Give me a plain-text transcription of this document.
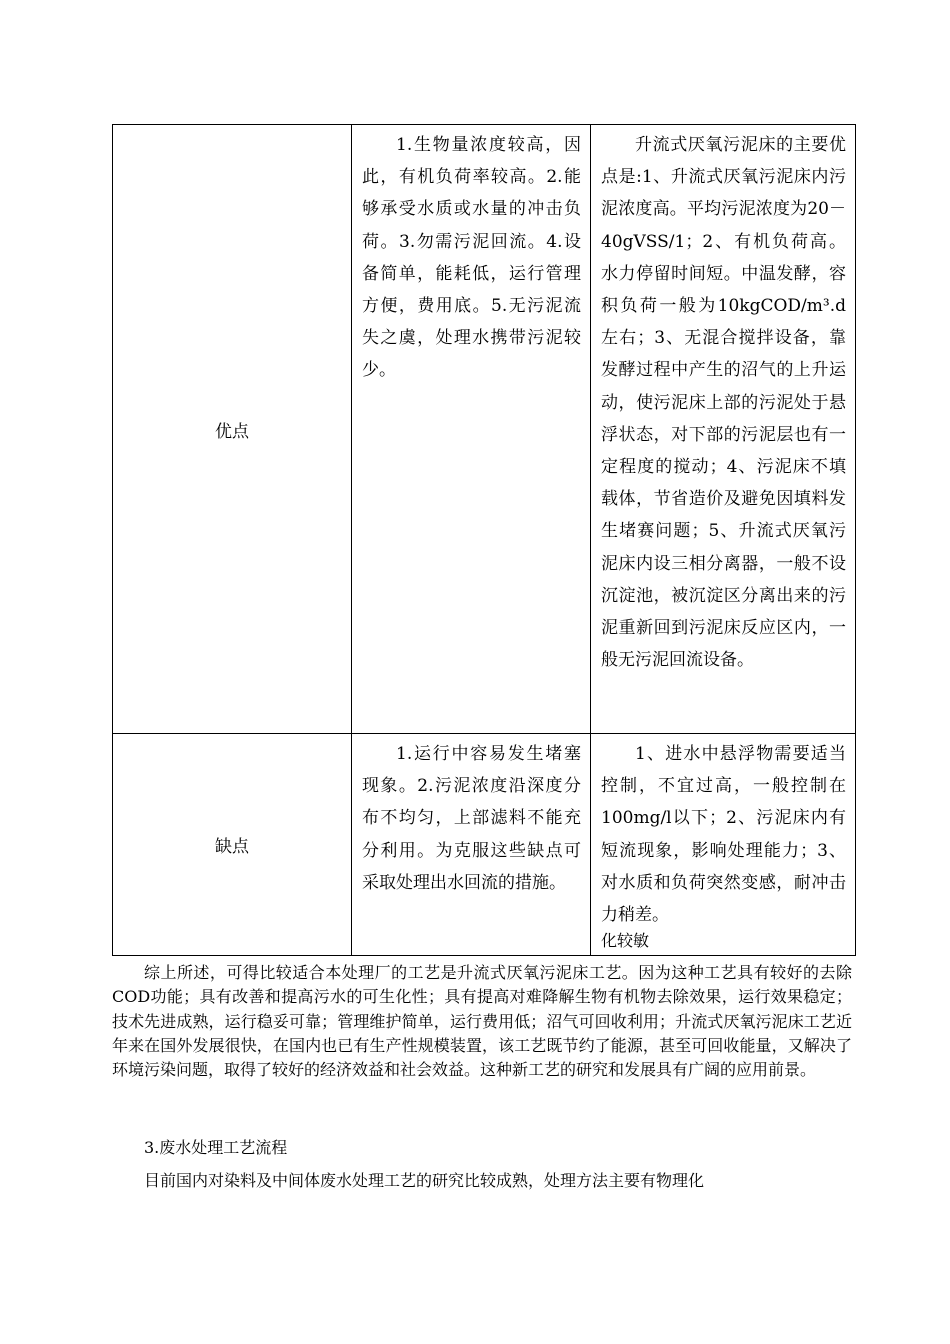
优点	1.生物量浓度较高，因此，有机负荷率较高。2.能够承受水质或水量的冲击负荷。3.勿需污泥回流。4.设备简单，能耗低，运行管理方便，费用底。5.无污泥流失之虞，处理水携带污泥较少。	升流式厌氧污泥床的主要优点是:1、升流式厌氧污泥床内污泥浓度高。平均污泥浓度为20－40gVSS/1；2、有机负荷高。水力停留时间短。中温发酵，容积负荷一般为10kgCOD/m³.d左右；3、无混合搅拌设备，靠发酵过程中产生的沼气的上升运动，使污泥床上部的污泥处于悬浮状态，对下部的污泥层也有一定程度的搅动；4、污泥床不填载体，节省造价及避免因填料发生堵赛问题；5、升流式厌氧污泥床内设三相分离器，一般不设沉淀池，被沉淀区分离出来的污泥重新回到污泥床反应区内，一般无污泥回流设备。

缺点	1.运行中容易发生堵塞现象。2.污泥浓度沿深度分布不均匀，上部滤料不能充分利用。为克服这些缺点可采取处理出水回流的措施。	1、进水中悬浮物需要适当控制，不宜过高，一般控制在100mg/l以下；2、污泥床内有短流现象，影响处理能力；3、对水质和负荷突然变感，耐冲击力稍差。
化较敏

综上所述，可得比较适合本处理厂的工艺是升流式厌氧污泥床工艺。因为这种工艺具有较好的去除COD功能；具有改善和提高污水的可生化性；具有提高对难降解生物有机物去除效果，运行效果稳定；技术先进成熟，运行稳妥可靠；管理维护简单，运行费用低；沼气可回收利用；升流式厌氧污泥床工艺近年来在国外发展很快，在国内也已有生产性规模装置，该工艺既节约了能源，甚至可回收能量，又解决了环境污染问题，取得了较好的经济效益和社会效益。这种新工艺的研究和发展具有广阔的应用前景。

3.废水处理工艺流程

目前国内对染料及中间体废水处理工艺的研究比较成熟，处理方法主要有物理化
